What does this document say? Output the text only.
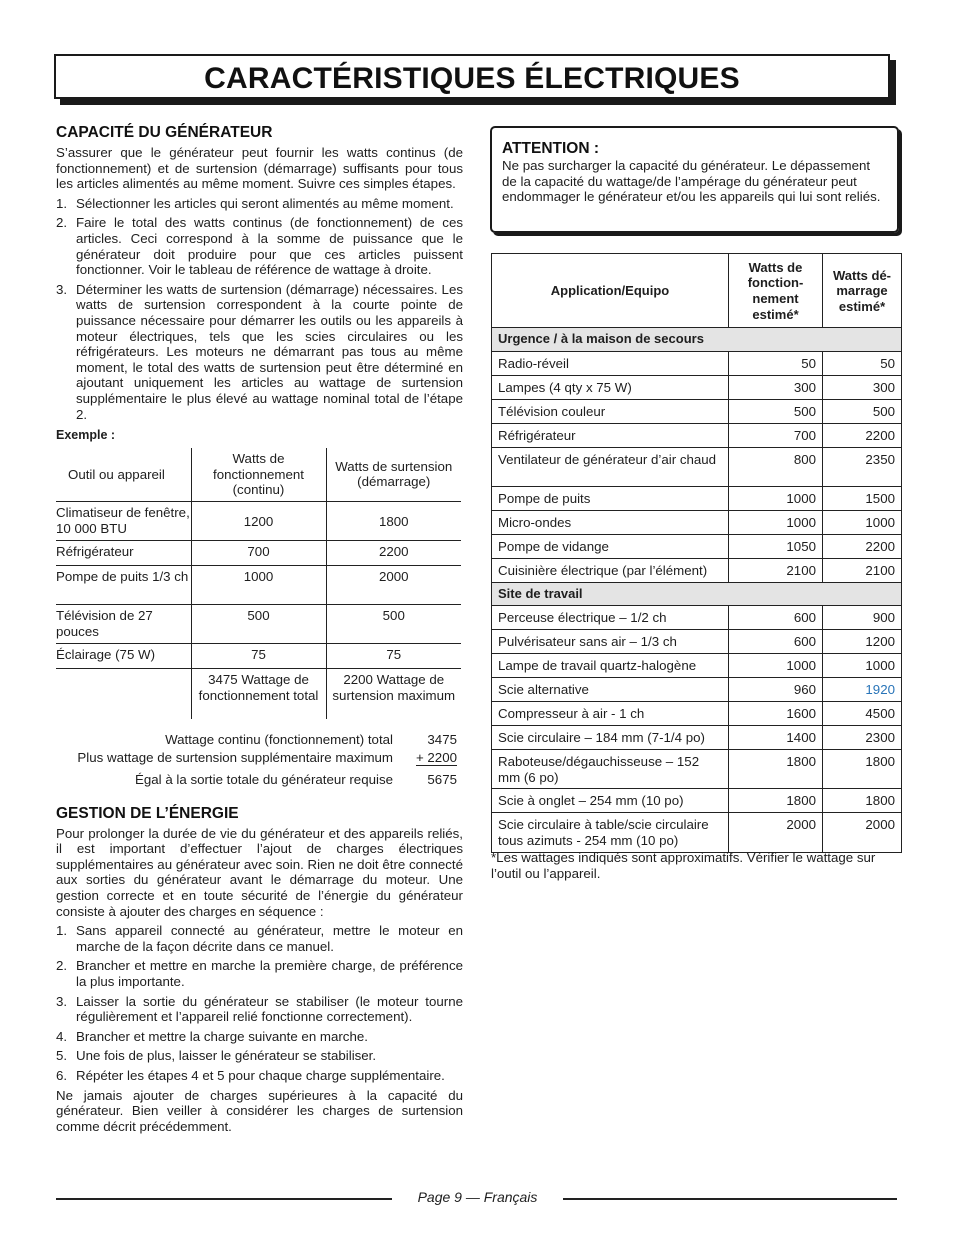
CARACTÉRISTIQUES ÉLECTRIQUES
CAPACITÉ DU GÉNÉRATEUR

S’assurer que le générateur peut fournir les watts continus (de fonctionnement) et de surtension (démarrage) suffisants pour tous les articles alimentés au même moment. Suivre ces simples étapes.

1. Sélectionner les articles qui seront alimentés au même moment.
2. Faire le total des watts continus (de fonctionnement) de ces articles. Ceci correspond à la somme de puissance que le générateur doit produire pour que ces articles puissent fonctionner. Voir le tableau de référence de wattage à droite.
3. Déterminer les watts de surtension (démarrage) nécessaires. Les watts de surtension correspondent à la courte pointe de puissance nécessaire pour démarrer les outils ou les appareils à moteur électriques, tels que les scies circulaires ou les réfrigérateurs. Les moteurs ne démarrant pas tous au même moment, le total des watts de surtension peut être déterminé en ajoutant uniquement les articles au wattage de surtension supplémentaire le plus élevé au wattage nominal total de l’étape 2.
Exemple :
Outil ou appareil	Watts de fonctionnement (continu)	Watts de surtension (démarrage)
Climatiseur de fenêtre, 10 000 BTU	1200	1800
Réfrigérateur	700	2200
Pompe de puits 1/3 ch	1000	2000
Télévision de 27 pouces	500	500
Éclairage (75 W)	75	75
	3475 Wattage de fonctionnement total	2200 Wattage de surtension maximum
Wattage continu (fonctionnement) total	3475
Plus wattage de surtension supplémentaire maximum	+ 2200
Égal à la sortie totale du générateur requise	5675
GESTION DE L’ÉNERGIE

Pour prolonger la durée de vie du générateur et des appareils reliés, il est important d’effectuer l’ajout de charges électriques supplémentaires au générateur avec soin. Rien ne doit être connecté aux sorties du générateur avant le démarrage du moteur. Une gestion correcte et en toute sécurité de l’énergie du générateur consiste à ajouter des charges en séquence :

1. Sans appareil connecté au générateur, mettre le moteur en marche de la façon décrite dans ce manuel.
2. Brancher et mettre en marche la première charge, de préférence la plus importante.
3. Laisser la sortie du générateur se stabiliser (le moteur tourne régulièrement et l’appareil relié fonctionne correctement).
4. Brancher et mettre la charge suivante en marche.
5. Une fois de plus, laisser le générateur se stabiliser.
6. Répéter les étapes 4 et 5 pour chaque charge supplémentaire.

Ne jamais ajouter de charges supérieures à la capacité du générateur. Bien veiller à considérer les charges de surtension comme décrit précédemment.

ATTENTION :

Ne pas surcharger la capacité du générateur. Le dépassement de la capacité du wattage/de l’ampérage du générateur peut endommager le générateur et/ou les appareils qui lui sont reliés.

Application/Equipo	Watts de fonction- nement estimé*	Watts dé- marrage estimé*
Urgence / à la maison de secours		
Radio-réveil	50	50
Lampes (4 qty x 75 W)	300	300
Télévision couleur	500	500
Réfrigérateur	700	2200
Ventilateur de générateur d’air chaud	800	2350
Pompe de puits	1000	1500
Micro-ondes	1000	1000
Pompe de vidange	1050	2200
Cuisinière électrique (par l’élément)	2100	2100
Site de travail		
Perceuse électrique – 1/2 ch	600	900
Pulvérisateur sans air – 1/3 ch	600	1200
Lampe de travail quartz-halogène	1000	1000
Scie alternative	960	1920
Compresseur à air - 1 ch	1600	4500
Scie circulaire – 184 mm (7-1/4 po)	1400	2300
Raboteuse/dégauchisseuse – 152 mm (6 po)	1800	1800
Scie à onglet – 254 mm (10 po)	1800	1800
Scie circulaire à table/scie circulaire tous azimuts - 254 mm (10 po)	2000	2000
*Les wattages indiqués sont approximatifs. Vérifier le wattage sur l’outil ou l’appareil.
Page 9 — Français
